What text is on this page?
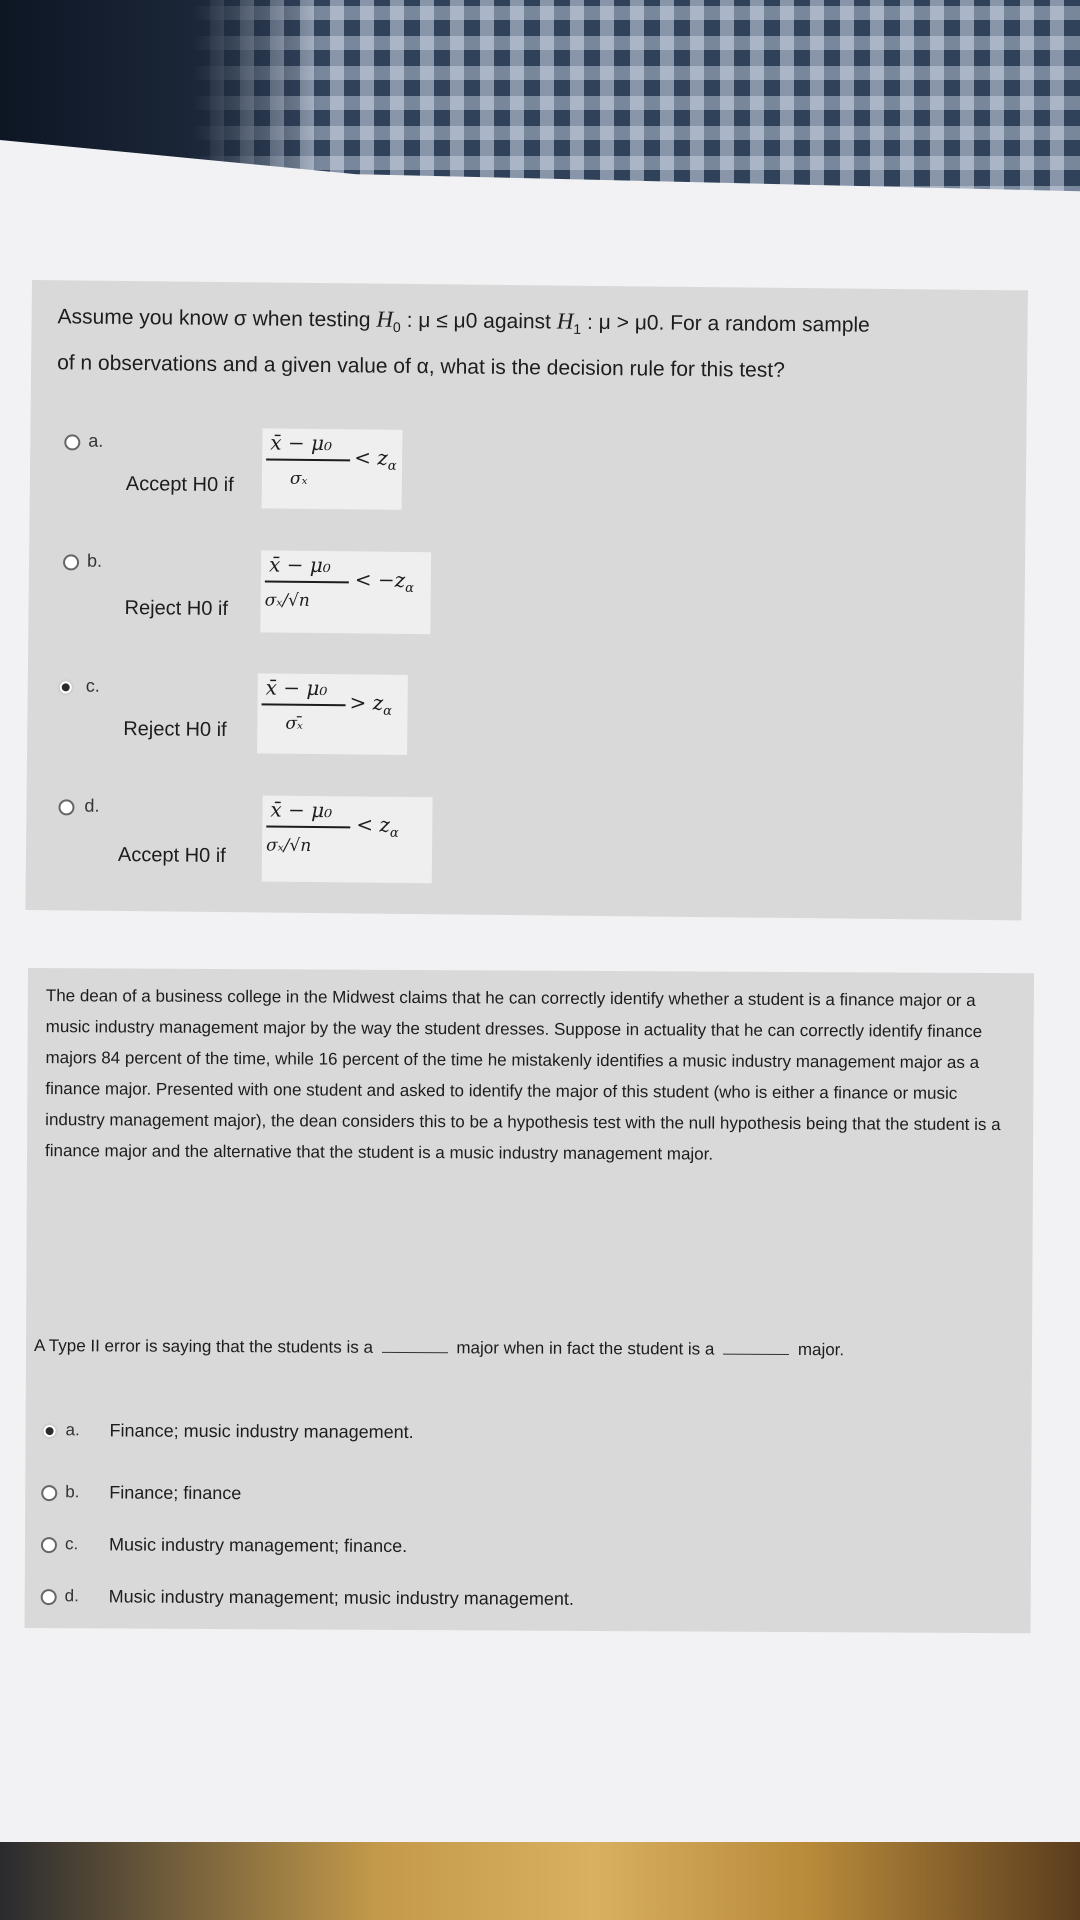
Assume you know σ when testing $H_0$ : μ ≤ μ0 against $H_1$ : μ > μ0. For a random sample
of n observations and a given value of α, what is the decision rule for this test?
a.
Accept H0 if
x̄ − μ₀
σₓ
< $z_\alpha$
b.
Reject H0 if
x̄ − μ₀
σₓ/√n
< $-z_\alpha$
c.
Reject H0 if
x̄ − μ₀
σₓ̄
> $z_\alpha$
d.
Accept H0 if
x̄ − μ₀
σₓ/√n
< $z_\alpha$
The dean of a business college in the Midwest claims that he can correctly identify whether a student is a finance major or a music industry management major by the way the student dresses. Suppose in actuality that he can correctly identify finance majors 84 percent of the time, while 16 percent of the time he mistakenly identifies a music industry management major as a finance major. Presented with one student and asked to identify the major of this student (who is either a finance or music industry management major), the dean considers this to be a hypothesis test with the null hypothesis being that the student is a finance major and the alternative that the student is a music industry management major.
A Type II error is saying that the students is a	major when in fact the student is a	major.
a. Finance; music industry management.
b. Finance; finance
c. Music industry management; finance.
d. Music industry management; music industry management.
